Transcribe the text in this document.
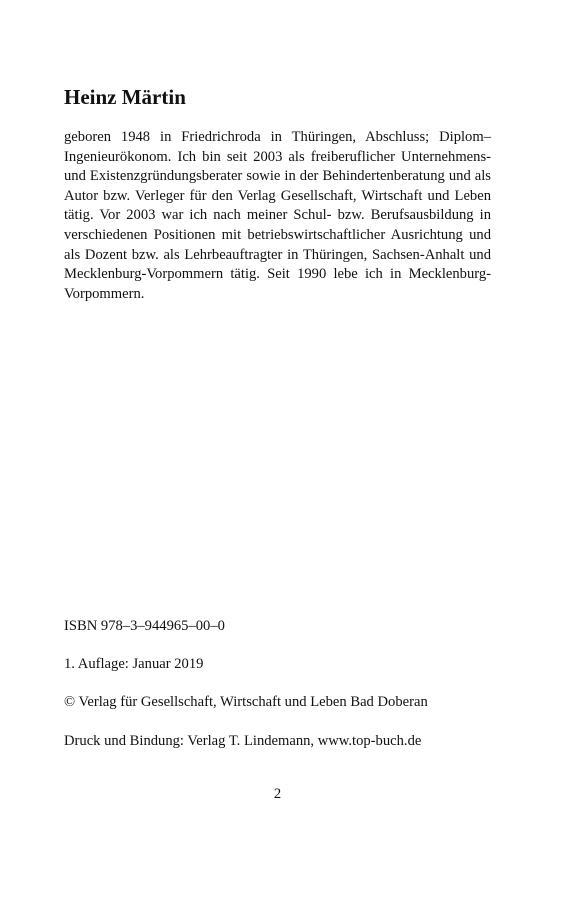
Heinz Märtin

geboren 1948 in Friedrichroda in Thüringen, Abschluss; Diplom–Ingenieurökonom. Ich bin seit 2003 als freiberuflicher Unternehmens- und Existenzgründungsberater sowie in der Behindertenberatung und als Autor bzw. Verleger für den Verlag Gesellschaft, Wirtschaft und Leben tätig. Vor 2003 war ich nach meiner Schul- bzw. Berufsausbildung in verschiedenen Positionen mit betriebswirtschaftlicher Ausrichtung und als Dozent bzw. als Lehrbeauftragter in Thüringen, Sachsen-Anhalt und Mecklenburg-Vorpommern tätig. Seit 1990 lebe ich in Mecklenburg-Vorpommern.

ISBN 978–3–944965–00–0

1. Auflage: Januar 2019

© Verlag für Gesellschaft, Wirtschaft und Leben Bad Doberan

Druck und Bindung: Verlag T. Lindemann, www.top-buch.de

2
